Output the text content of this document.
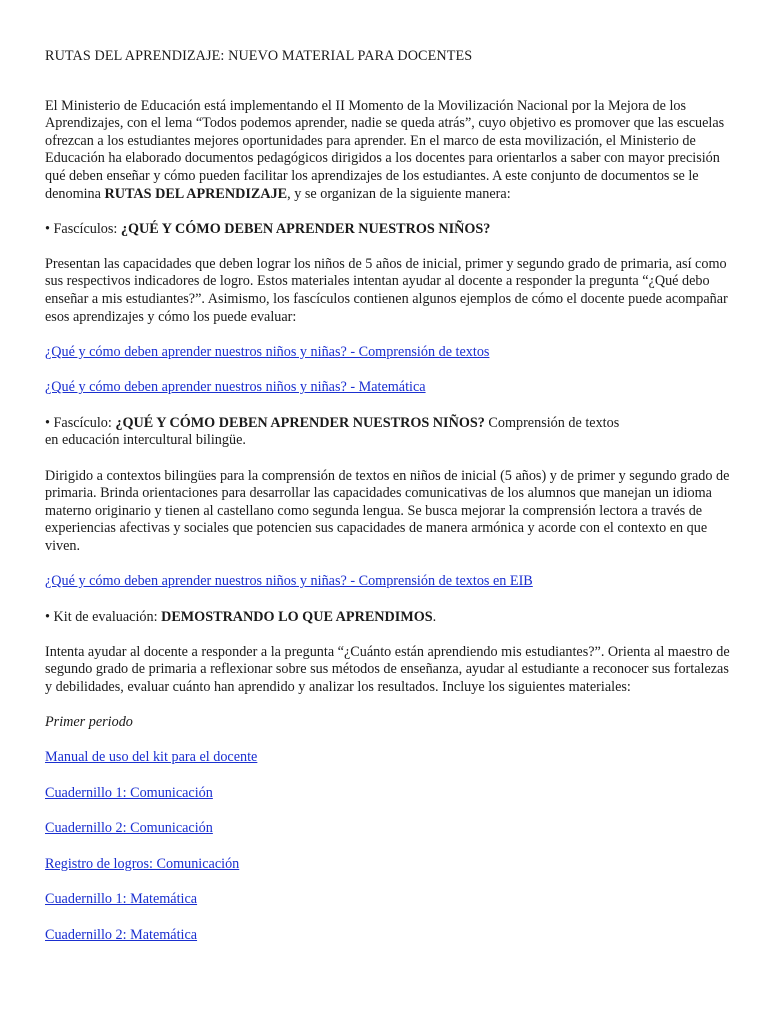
RUTAS DEL APRENDIZAJE: NUEVO MATERIAL PARA DOCENTES

El Ministerio de Educación está implementando el II Momento de la Movilización Nacional por la Mejora de los Aprendizajes, con el lema “Todos podemos aprender, nadie se queda atrás”, cuyo objetivo es promover que las escuelas ofrezcan a los estudiantes mejores oportunidades para aprender. En el marco de esta movilización, el Ministerio de Educación ha elaborado documentos pedagógicos dirigidos a los docentes para orientarlos a saber con mayor precisión qué deben enseñar y cómo pueden facilitar los aprendizajes de los estudiantes. A este conjunto de documentos se le denomina RUTAS DEL APRENDIZAJE, y se organizan de la siguiente manera:

• Fascículos: ¿QUÉ Y CÓMO DEBEN APRENDER NUESTROS NIÑOS?

Presentan las capacidades que deben lograr los niños de 5 años de inicial, primer y segundo grado de primaria, así como sus respectivos indicadores de logro. Estos materiales intentan ayudar al docente a responder la pregunta “¿Qué debo enseñar a mis estudiantes?”. Asimismo, los fascículos contienen algunos ejemplos de cómo el docente puede acompañar esos aprendizajes y cómo los puede evaluar:

¿Qué y cómo deben aprender nuestros niños y niñas? - Comprensión de textos
¿Qué y cómo deben aprender nuestros niños y niñas? - Matemática

• Fascículo: ¿QUÉ Y CÓMO DEBEN APRENDER NUESTROS NIÑOS? Comprensión de textos
en educación intercultural bilingüe.

Dirigido a contextos bilingües para la comprensión de textos en niños de inicial (5 años) y de primer y segundo grado de primaria. Brinda orientaciones para desarrollar las capacidades comunicativas de los alumnos que manejan un idioma materno originario y tienen al castellano como segunda lengua. Se busca mejorar la comprensión lectora a través de experiencias afectivas y sociales que potencien sus capacidades de manera armónica y acorde con el contexto en que viven.

¿Qué y cómo deben aprender nuestros niños y niñas? - Comprensión de textos en EIB

• Kit de evaluación: DEMOSTRANDO LO QUE APRENDIMOS.

Intenta ayudar al docente a responder a la pregunta “¿Cuánto están aprendiendo mis estudiantes?”. Orienta al maestro de segundo grado de primaria a reflexionar sobre sus métodos de enseñanza, ayudar al estudiante a reconocer sus fortalezas y debilidades, evaluar cuánto han aprendido y analizar los resultados. Incluye los siguientes materiales:

Primer periodo

Manual de uso del kit para el docente
Cuadernillo 1: Comunicación
Cuadernillo 2: Comunicación
Registro de logros: Comunicación
Cuadernillo 1: Matemática
Cuadernillo 2: Matemática
